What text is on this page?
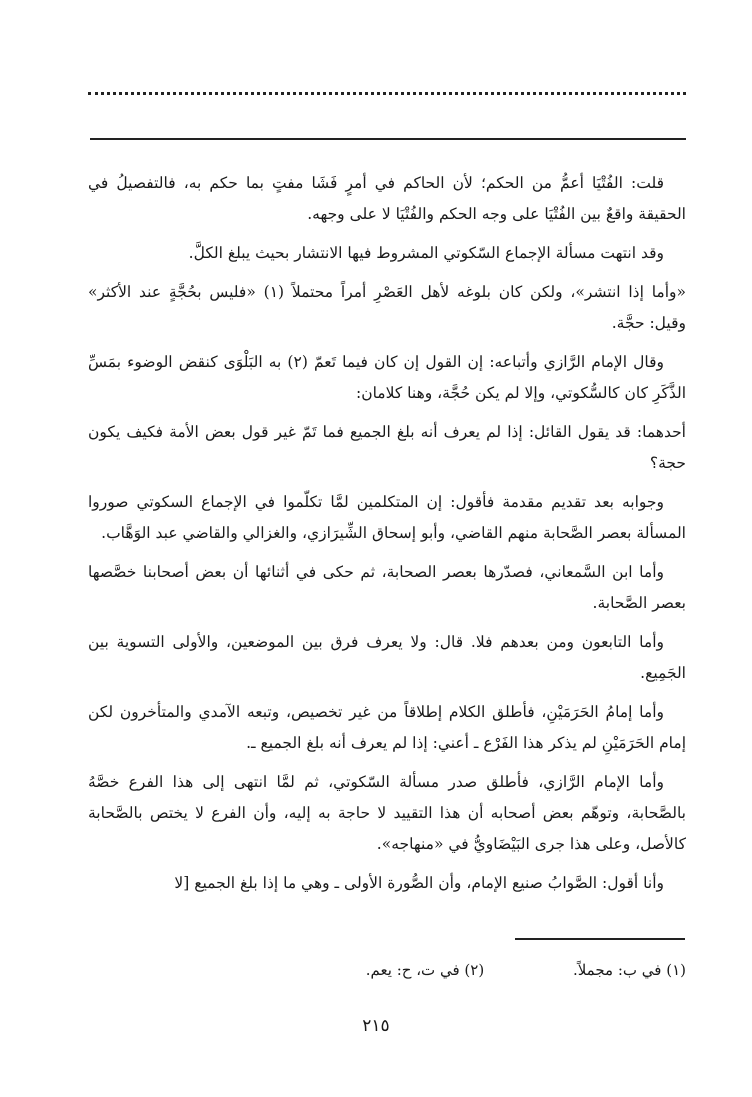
قلت: الفُتْيَا أعمُّ من الحكم؛ لأن الحاكم في أمرٍ فَشَا مفتٍ بما حكم به، فالتفصيلُ في الحقيقة واقعٌ بين الفُتْيَا على وجه الحكم والفُتْيَا لا على وجهه.

وقد انتهت مسألة الإجماع السّكوتي المشروط فيها الانتشار بحيث يبلغ الكلَّ.

«وأما إذا انتشر»، ولكن كان بلوغه لأهل العَصْرِ أمراً محتملاً (١) «فليس بحُجَّةٍ عند الأكثر» وقيل: حجَّة.

وقال الإمام الرَّازي وأتباعه: إن القول إن كان فيما تَعمّ (٢) به البَلْوَى كنقض الوضوء بمَسِّ الذَّكَرِ كان كالسُّكوتي، وإلا لم يكن حُجَّة، وهنا كلامان:

أحدهما: قد يقول القائل: إذا لم يعرف أنه بلغ الجميع فما تَمّ غير قول بعض الأمة فكيف يكون حجة؟

وجوابه بعد تقديم مقدمة فأقول: إن المتكلمين لمَّا تكلّموا في الإجماع السكوتي صوروا المسألة بعصر الصَّحابة منهم القاضي، وأبو إسحاق الشِّيرَازي، والغزالي والقاضي عبد الوَهَّاب.

وأما ابن السَّمعاني، فصدّرها بعصر الصحابة، ثم حكى في أثنائها أن بعض أصحابنا خصَّصها بعصر الصَّحابة.

وأما التابعون ومن بعدهم فلا. قال: ولا يعرف فرق بين الموضعين، والأولى التسوية بين الجَمِيع.

وأما إمامُ الحَرَمَيْنِ، فأطلق الكلام إطلاقاً من غير تخصيص، وتبعه الآمدي والمتأخرون لكن إمام الحَرَمَيْنِ لم يذكر هذا الفَرْع ـ أعني: إذا لم يعرف أنه بلغ الجميع ـ.

وأما الإمام الرَّازي، فأطلق صدر مسألة السّكوتي، ثم لمَّا انتهى إلى هذا الفرع خصَّهُ بالصَّحابة، وتوهّم بعض أصحابه أن هذا التقييد لا حاجة به إليه، وأن الفرع لا يختص بالصَّحابة كالأصل، وعلى هذا جرى البَيْضَاويُّ في «منهاجه».

وأنا أقول: الصَّوابُ صنيع الإمام، وأن الصُّورة الأولى ـ وهي ما إذا بلغ الجميع [لا

(١) في ب: مجملاً. (٢) في ت، ح: يعم.
٢١٥
